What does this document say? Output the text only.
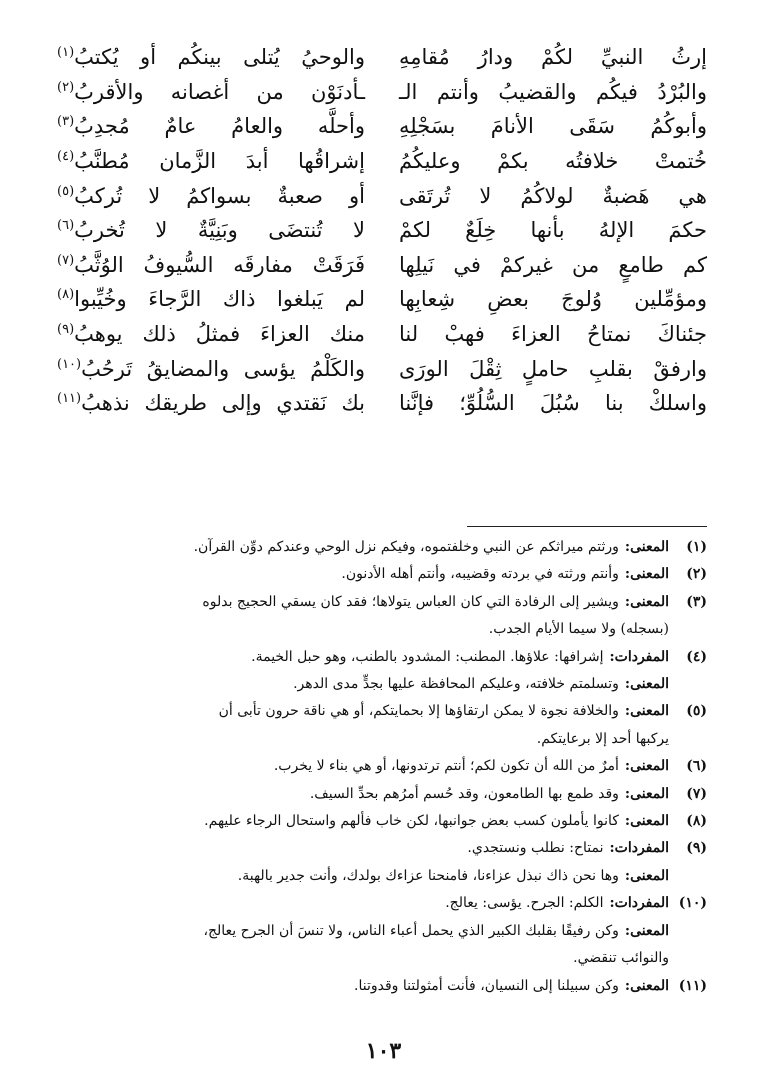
إرثُ النبيِّ لكُمْ ودارُ مُقامِهِ
والوحيُ يُتلى بينكُم أو يُكتبُ$^{(١)}$
والبُرْدُ فيكُم والقضيبُ وأنتم الـ
ـأدنَوْن من أغصانه والأقربُ$^{(٢)}$
وأبوكُمُ سَقَى الأنامَ بسَجْلِهِ
وأحلَّه والعامُ عامٌ مُجدِبُ$^{(٣)}$
خُتمتْ خلافتُه بكمْ وعليكُمُ
إشراقُها أبدَ الزَّمان مُطنَّبُ$^{(٤)}$
هي هَضبةٌ لولاكُمُ لا تُرتَقى
أو صعبةٌ بسواكمُ لا تُركبُ$^{(٥)}$
حكمَ الإلهُ بأنها خِلَعٌ لكمْ
لا تُنتضَى وبَنِيَّةٌ لا تُخربُ$^{(٦)}$
كم طامعٍ من غيركمْ في نَيلِها
فَرَقَتْ مفارقَه السُّيوفُ الوُثَّبُ$^{(٧)}$
ومؤمِّلين وُلوجَ بعضِ شِعابِها
لم يَبلغوا ذاك الرَّجاءَ وخُيِّبوا$^{(٨)}$
جئناكَ نمتاحُ العزاءَ فهبْ لنا
منك العزاءَ فمثلُ ذلك يوهبُ$^{(٩)}$
وارفقْ بقلبِ حاملٍ ثِقْلَ الورَى
والكَلْمُ يؤسى والمضايقُ تَرحُبُ$^{(١٠)}$
واسلكْ بنا سُبُلَ السُّلُوِّ؛ فإنَّنا
بك نَقتدي وإلى طريقك نذهبُ$^{(١١)}$
(١)
المعنى:ورثتم ميراثكم عن النبي وخلفتموه، وفيكم نزل الوحي وعندكم دوِّن القرآن.
(٢)
المعنى:وأنتم ورثته في بردته وقضيبه، وأنتم أهله الأدنون.
(٣)
المعنى:ويشير إلى الرفادة التي كان العباس يتولاها؛ فقد كان يسقي الحجيج بدلوه
(بسجله) ولا سيما الأيام الجدب.
(٤)
المفردات:إشرافها: علاؤها. المطنب: المشدود بالطنب، وهو حبل الخيمة.
المعنى:وتسلمتم خلافته، وعليكم المحافظة عليها بجدٍّ مدى الدهر.
(٥)
المعنى:والخلافة نجوة لا يمكن ارتقاؤها إلا بحمايتكم، أو هي ناقة حرون تأبى أن
يركبها أحد إلا برعايتكم.
(٦)
المعنى:أمرٌ من الله أن تكون لكم؛ أنتم ترتدونها، أو هي بناء لا يخرب.
(٧)
المعنى:وقد طمع بها الطامعون، وقد حُسم أمرُهم بحدِّ السيف.
(٨)
المعنى:كانوا يأملون كسب بعض جوانبها، لكن خاب فألهم واستحال الرجاء عليهم.
(٩)
المفردات:نمتاح: نطلب ونستجدي.
المعنى:وها نحن ذاك نبذل عزاءنا، فامنحنا عزاءك بولدك، وأنت جدير بالهبة.
(١٠)
المفردات:الكلم: الجرح. يؤسى: يعالج.
المعنى:وكن رفيقًا بقلبك الكبير الذي يحمل أعباء الناس، ولا تنسَ أن الجرح يعالج،
والنوائب تنقضي.
(١١)
المعنى:وكن سبيلنا إلى النسيان، فأنت أمثولتنا وقدوتنا.
١٠٣
